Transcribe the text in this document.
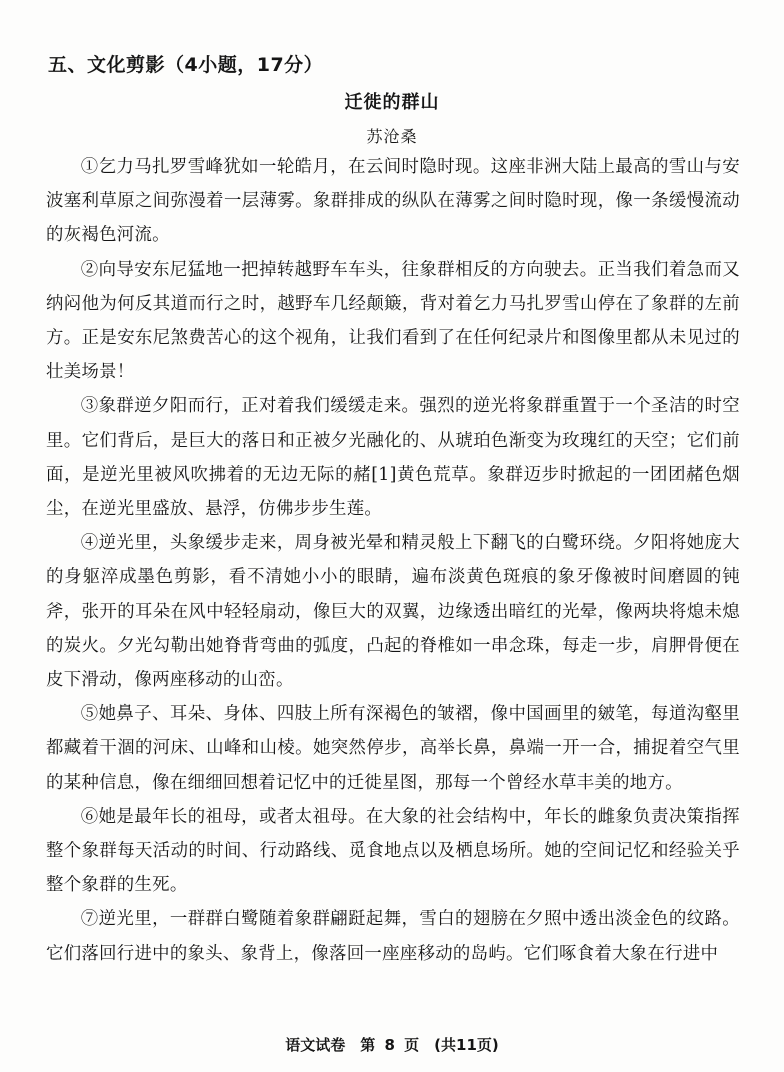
五、文化剪影（4小题，17分）
迁徙的群山
苏沧桑

①乞力马扎罗雪峰犹如一轮皓月，在云间时隐时现。这座非洲大陆上最高的雪山与安波塞利草原之间弥漫着一层薄雾。象群排成的纵队在薄雾之间时隐时现，像一条缓慢流动的灰褐色河流。

②向导安东尼猛地一把掉转越野车车头，往象群相反的方向驶去。正当我们着急而又纳闷他为何反其道而行之时，越野车几经颠簸，背对着乞力马扎罗雪山停在了象群的左前方。正是安东尼煞费苦心的这个视角，让我们看到了在任何纪录片和图像里都从未见过的壮美场景！

③象群逆夕阳而行，正对着我们缓缓走来。强烈的逆光将象群重置于一个圣洁的时空里。它们背后，是巨大的落日和正被夕光融化的、从琥珀色渐变为玫瑰红的天空；它们前面，是逆光里被风吹拂着的无边无际的赭[1]黄色荒草。象群迈步时掀起的一团团赭色烟尘，在逆光里盛放、悬浮，仿佛步步生莲。

④逆光里，头象缓步走来，周身被光晕和精灵般上下翻飞的白鹭环绕。夕阳将她庞大的身躯淬成墨色剪影，看不清她小小的眼睛，遍布淡黄色斑痕的象牙像被时间磨圆的钝斧，张开的耳朵在风中轻轻扇动，像巨大的双翼，边缘透出暗红的光晕，像两块将熄未熄的炭火。夕光勾勒出她脊背弯曲的弧度，凸起的脊椎如一串念珠，每走一步，肩胛骨便在皮下滑动，像两座移动的山峦。

⑤她鼻子、耳朵、身体、四肢上所有深褐色的皱褶，像中国画里的皴笔，每道沟壑里都藏着干涸的河床、山峰和山棱。她突然停步，高举长鼻，鼻端一开一合，捕捉着空气里的某种信息，像在细细回想着记忆中的迁徙星图，那每一个曾经水草丰美的地方。

⑥她是最年长的祖母，或者太祖母。在大象的社会结构中，年长的雌象负责决策指挥整个象群每天活动的时间、行动路线、觅食地点以及栖息场所。她的空间记忆和经验关乎整个象群的生死。

⑦逆光里，一群群白鹭随着象群翩跹起舞，雪白的翅膀在夕照中透出淡金色的纹路。它们落回行进中的象头、象背上，像落回一座座移动的岛屿。它们啄食着大象在行进中

语文试卷　第 8 页　(共11页)
